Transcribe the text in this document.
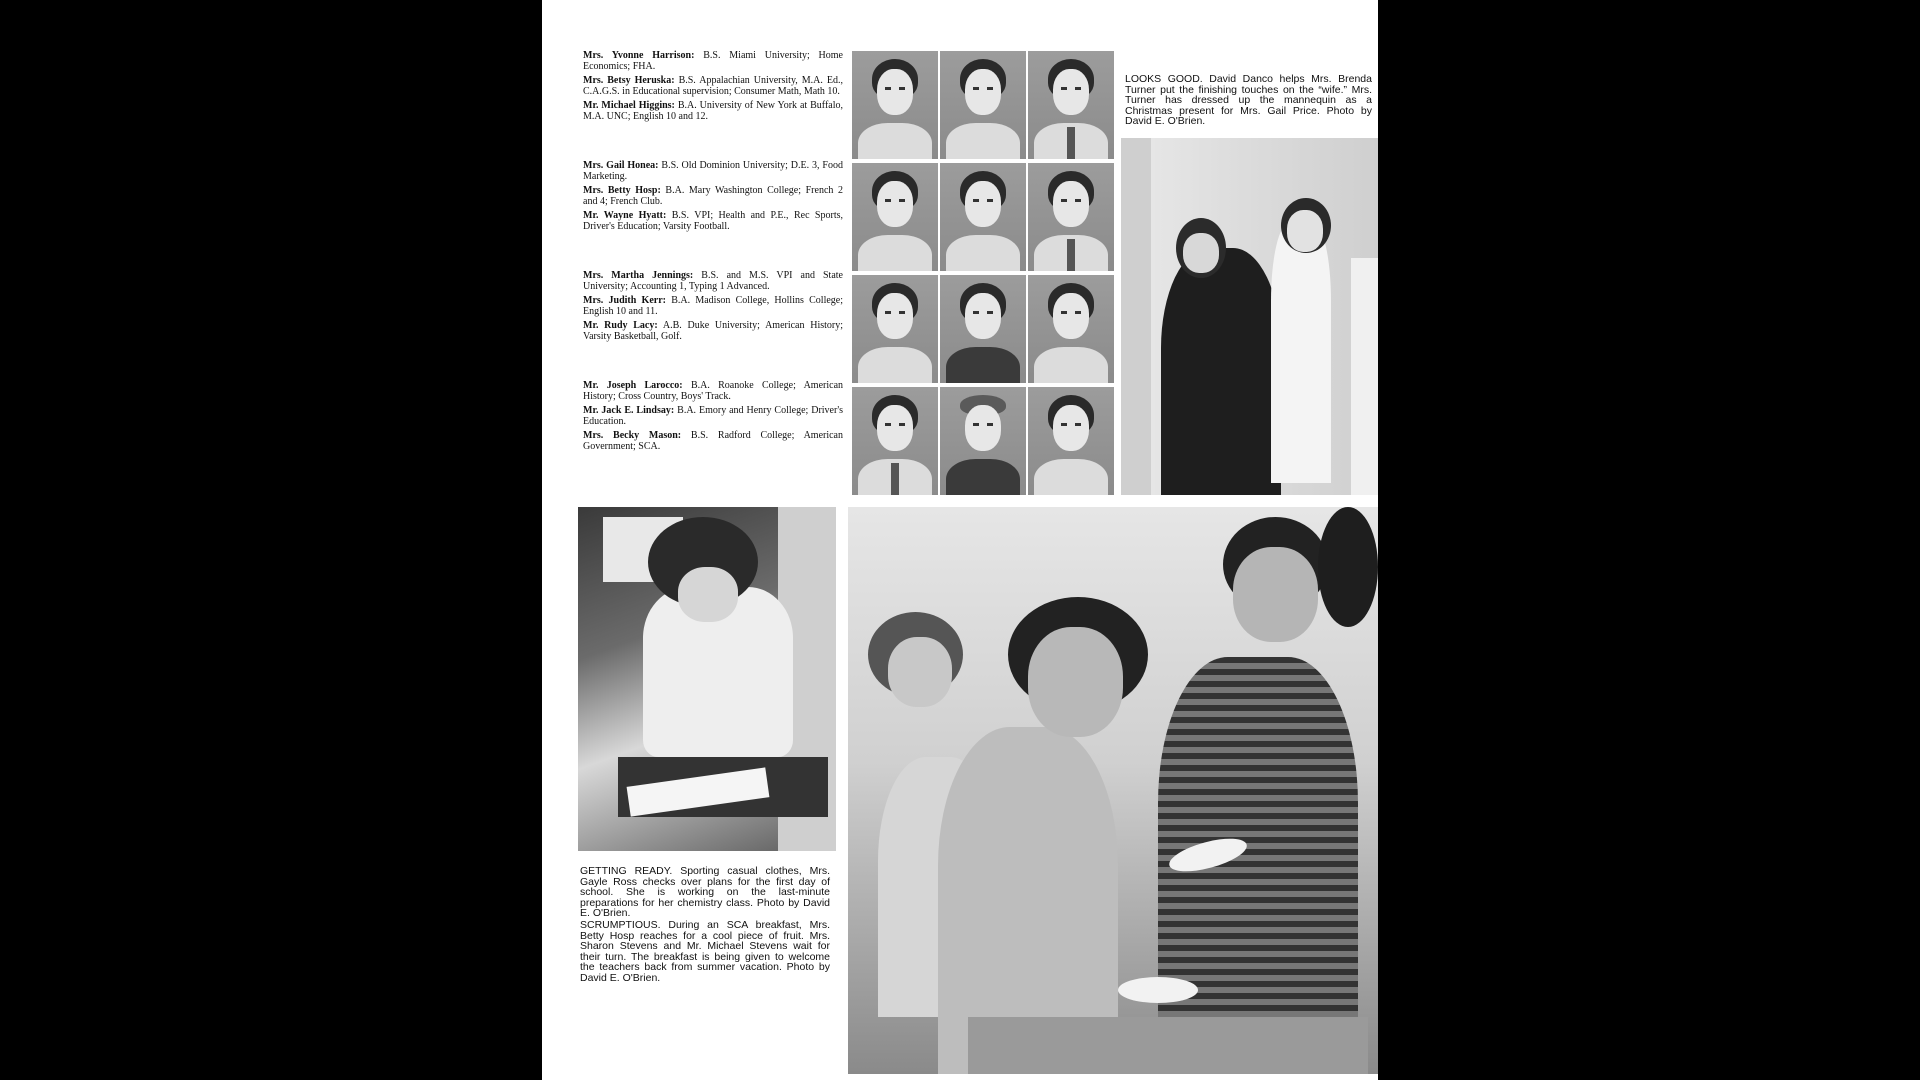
Mrs. Yvonne Harrison: B.S. Miami University; Home Economics; FHA.

Mrs. Betsy Heruska: B.S. Appalachian University, M.A. Ed., C.A.G.S. in Educational supervision; Consumer Math, Math 10.

Mr. Michael Higgins: B.A. University of New York at Buffalo, M.A. UNC; English 10 and 12.

Mrs. Gail Honea: B.S. Old Dominion University; D.E. 3, Food Marketing.

Mrs. Betty Hosp: B.A. Mary Washington College; French 2 and 4; French Club.

Mr. Wayne Hyatt: B.S. VPI; Health and P.E., Rec Sports, Driver's Education; Varsity Football.

Mrs. Martha Jennings: B.S. and M.S. VPI and State University; Accounting 1, Typing 1 Advanced.

Mrs. Judith Kerr: B.A. Madison College, Hollins College; English 10 and 11.

Mr. Rudy Lacy: A.B. Duke University; American History; Varsity Basketball, Golf.

Mr. Joseph Larocco: B.A. Roanoke College; American History; Cross Country, Boys' Track.

Mr. Jack E. Lindsay: B.A. Emory and Henry College; Driver's Education.

Mrs. Becky Mason: B.S. Radford College; American Government; SCA.

LOOKS GOOD. David Danco helps Mrs. Brenda Turner put the finishing touches on the “wife.” Mrs. Turner has dressed up the mannequin as a Christmas present for Mrs. Gail Price. Photo by David E. O'Brien.
GETTING READY. Sporting casual clothes, Mrs. Gayle Ross checks over plans for the first day of school. She is working on the last-minute preparations for her chemistry class. Photo by David E. O'Brien.
SCRUMPTIOUS. During an SCA breakfast, Mrs. Betty Hosp reaches for a cool piece of fruit. Mrs. Sharon Stevens and Mr. Michael Stevens wait for their turn. The breakfast is being given to welcome the teachers back from summer vacation. Photo by David E. O'Brien.
